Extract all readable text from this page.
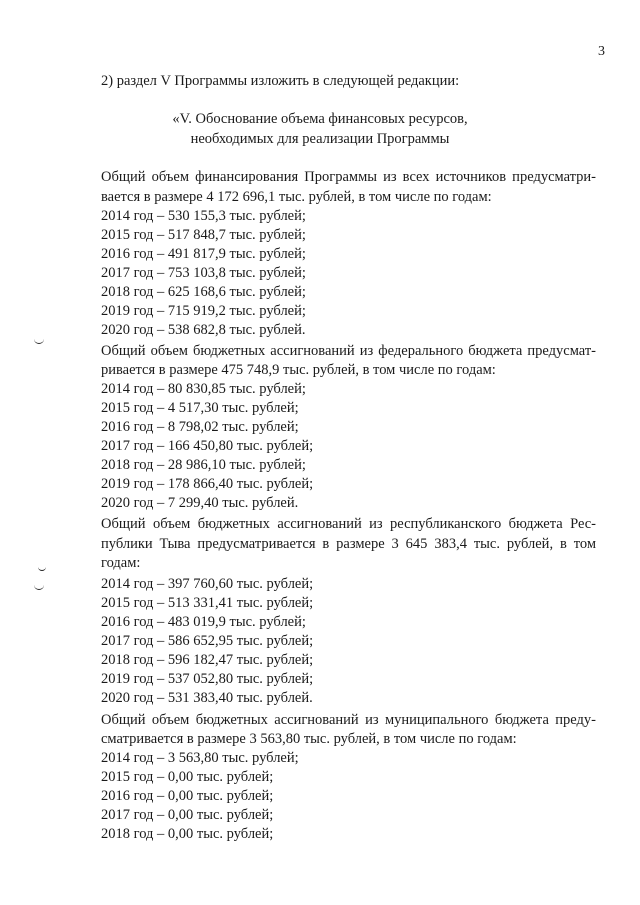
3
2) раздел V Программы изложить в следующей редакции:
«V. Обоснование объема финансовых ресурсов,
необходимых для реализации Программы
Общий объем финансирования Программы из всех источников предусматри-
вается в размере 4 172 696,1 тыс. рублей, в том числе по годам:
2014 год – 530 155,3 тыс. рублей;
2015 год – 517 848,7 тыс. рублей;
2016 год – 491 817,9 тыс. рублей;
2017 год – 753 103,8 тыс. рублей;
2018 год – 625 168,6 тыс. рублей;
2019 год – 715 919,2 тыс. рублей;
2020 год – 538 682,8 тыс. рублей.
Общий объем бюджетных ассигнований из федерального бюджета предусмат-
ривается в размере 475 748,9 тыс. рублей, в том числе по годам:
2014 год – 80 830,85 тыс. рублей;
2015 год – 4 517,30 тыс. рублей;
2016 год – 8 798,02 тыс. рублей;
2017 год – 166 450,80 тыс. рублей;
2018 год – 28 986,10 тыс. рублей;
2019 год – 178 866,40 тыс. рублей;
2020 год – 7 299,40 тыс. рублей.
Общий объем бюджетных ассигнований из республиканского бюджета Рес-
публики Тыва предусматривается в размере 3 645 383,4 тыс. рублей, в том
годам:
2014 год – 397 760,60 тыс. рублей;
2015 год – 513 331,41 тыс. рублей;
2016 год – 483 019,9 тыс. рублей;
2017 год – 586 652,95 тыс. рублей;
2018 год – 596 182,47 тыс. рублей;
2019 год – 537 052,80 тыс. рублей;
2020 год – 531 383,40 тыс. рублей.
Общий объем бюджетных ассигнований из муниципального бюджета преду-
сматривается в размере 3 563,80 тыс. рублей, в том числе по годам:
2014 год – 3 563,80 тыс. рублей;
2015 год – 0,00 тыс. рублей;
2016 год – 0,00 тыс. рублей;
2017 год – 0,00 тыс. рублей;
2018 год – 0,00 тыс. рублей;
